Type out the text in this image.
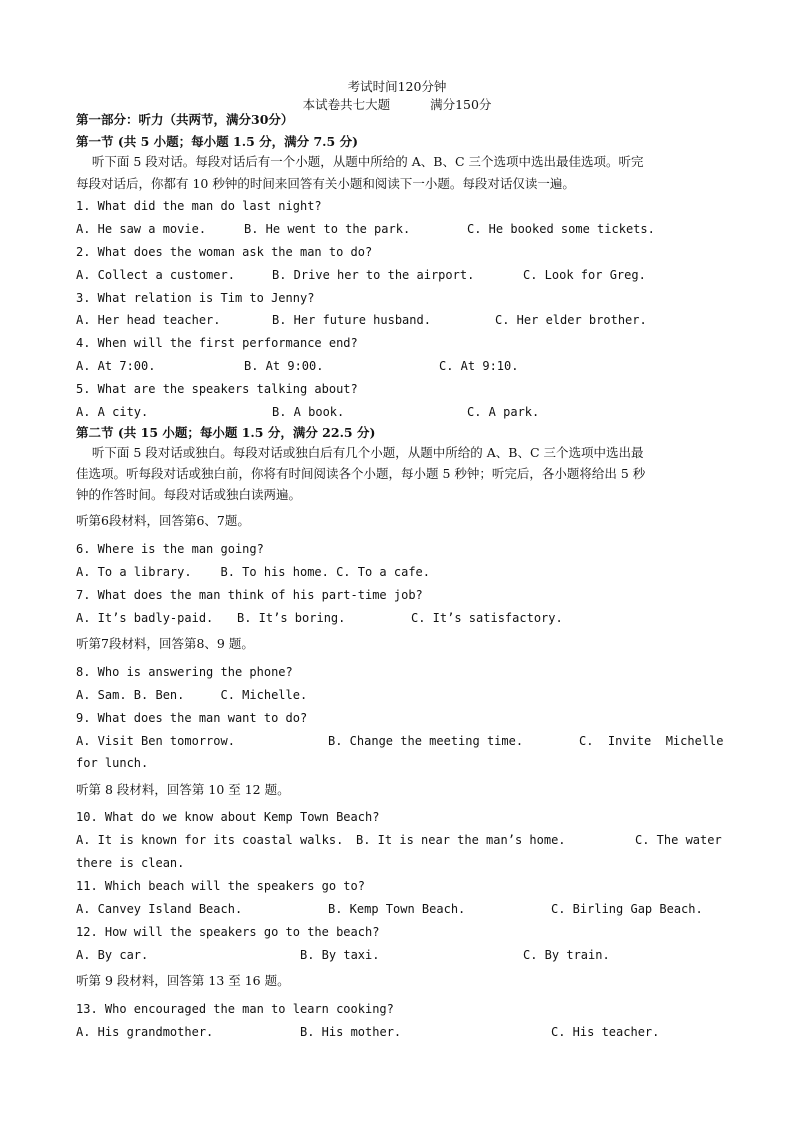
考试时间120分钟
本试卷共七大题	满分150分
第一部分：听力（共两节，满分30分）
第一节 (共 5 小题；每小题 1.5 分，满分 7.5 分)
听下面 5 段对话。每段对话后有一个小题，从题中所给的 A、B、C 三个选项中选出最佳选项。听完
每段对话后，你都有 10 秒钟的时间来回答有关小题和阅读下一小题。每段对话仅读一遍。
1. What did the man do last night?
A. He saw a movie.	B. He went to the park.	C. He booked some tickets.
2. What does the woman ask the man to do?
A. Collect a customer.	B. Drive her to the airport.	C. Look for Greg.
3. What relation is Tim to Jenny?
A. Her head teacher.	B. Her future husband.	C. Her elder brother.
4. When will the first performance end?
A. At 7:00.	B. At 9:00.	C. At 9:10.
5. What are the speakers talking about?
A. A city.	B. A book.	C. A park.
第二节 (共 15 小题；每小题 1.5 分，满分 22.5 分)
听下面 5 段对话或独白。每段对话或独白后有几个小题，从题中所给的 A、B、C 三个选项中选出最
佳选项。听每段对话或独白前，你将有时间阅读各个小题，每小题 5 秒钟；听完后，各小题将给出 5 秒
钟的作答时间。每段对话或独白读两遍。
听第6段材料，回答第6、7题。
6. Where is the man going?
A. To a library.    B. To his home. C. To a cafe.
7. What does the man think of his part-time job?
A. It’s badly-paid. B. It’s boring.	C. It’s satisfactory.
听第7段材料，回答第8、9 题。
8. Who is answering the phone?
A. Sam. B. Ben.     C. Michelle.
9. What does the man want to do?
A. Visit Ben tomorrow.	B. Change the meeting time.	C.  Invite  Michelle
for lunch.
听第 8 段材料，回答第 10 至 12 题。
10. What do we know about Kemp Town Beach?
A. It is known for its coastal walks. B. It is near the man’s home.	C. The water
there is clean.
11. Which beach will the speakers go to?
A. Canvey Island Beach.	B. Kemp Town Beach.	C. Birling Gap Beach.
12. How will the speakers go to the beach?
A. By car.	B. By taxi.	C. By train.
听第 9 段材料，回答第 13 至 16 题。
13. Who encouraged the man to learn cooking?
A. His grandmother.	B. His mother.	C. His teacher.
